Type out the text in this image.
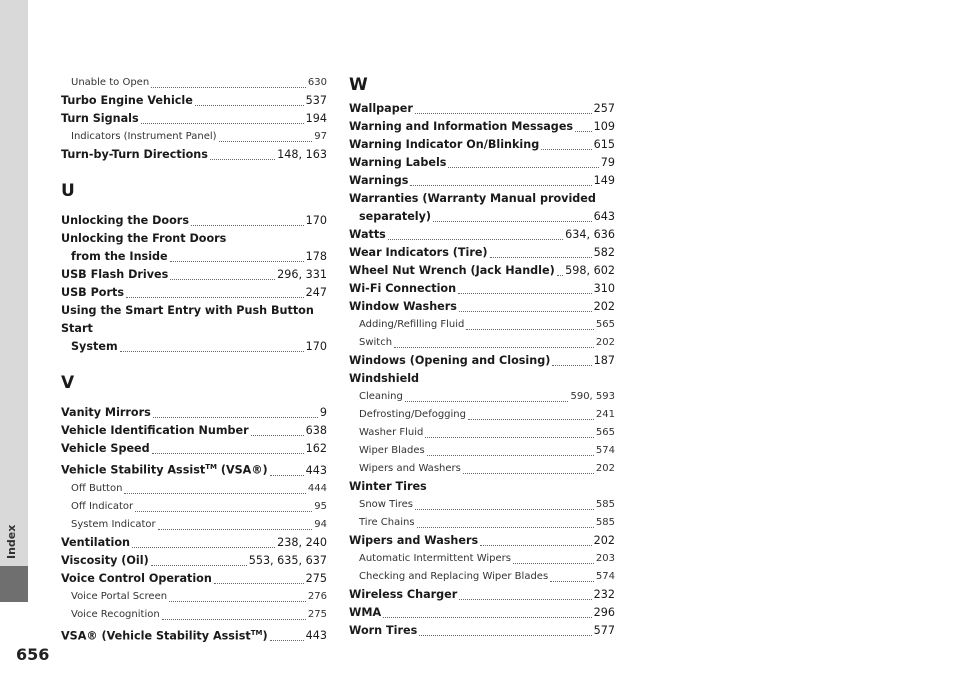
Index
656
Unable to Open	630
Turbo Engine Vehicle	537
Turn Signals	194
Indicators (Instrument Panel)	97
Turn-by-Turn Directions	148, 163
U
Unlocking the Doors	170
Unlocking the Front Doors
from the Inside	178
USB Flash Drives	296, 331
USB Ports	247
Using the Smart Entry with Push Button Start
System	170
V
Vanity Mirrors	9
Vehicle Identification Number	638
Vehicle Speed	162
Vehicle Stability Assist™ (VSA®)	443
Off Button	444
Off Indicator	95
System Indicator	94
Ventilation	238, 240
Viscosity (Oil)	553, 635, 637
Voice Control Operation	275
Voice Portal Screen	276
Voice Recognition	275
VSA® (Vehicle Stability Assist™)	443
W
Wallpaper	257
Warning and Information Messages 109
Warning Indicator On/Blinking	615
Warning Labels	79
Warnings	149
Warranties (Warranty Manual provided
separately)	643
Watts	634, 636
Wear Indicators (Tire)	582
Wheel Nut Wrench (Jack Handle) 598, 602
Wi-Fi Connection	310
Window Washers	202
Adding/Refilling Fluid	565
Switch	202
Windows (Opening and Closing)	187
Windshield
Cleaning	590, 593
Defrosting/Defogging	241
Washer Fluid	565
Wiper Blades	574
Wipers and Washers	202
Winter Tires
Snow Tires	585
Tire Chains	585
Wipers and Washers	202
Automatic Intermittent Wipers	203
Checking and Replacing Wiper Blades	574
Wireless Charger	232
WMA	296
Worn Tires	577
